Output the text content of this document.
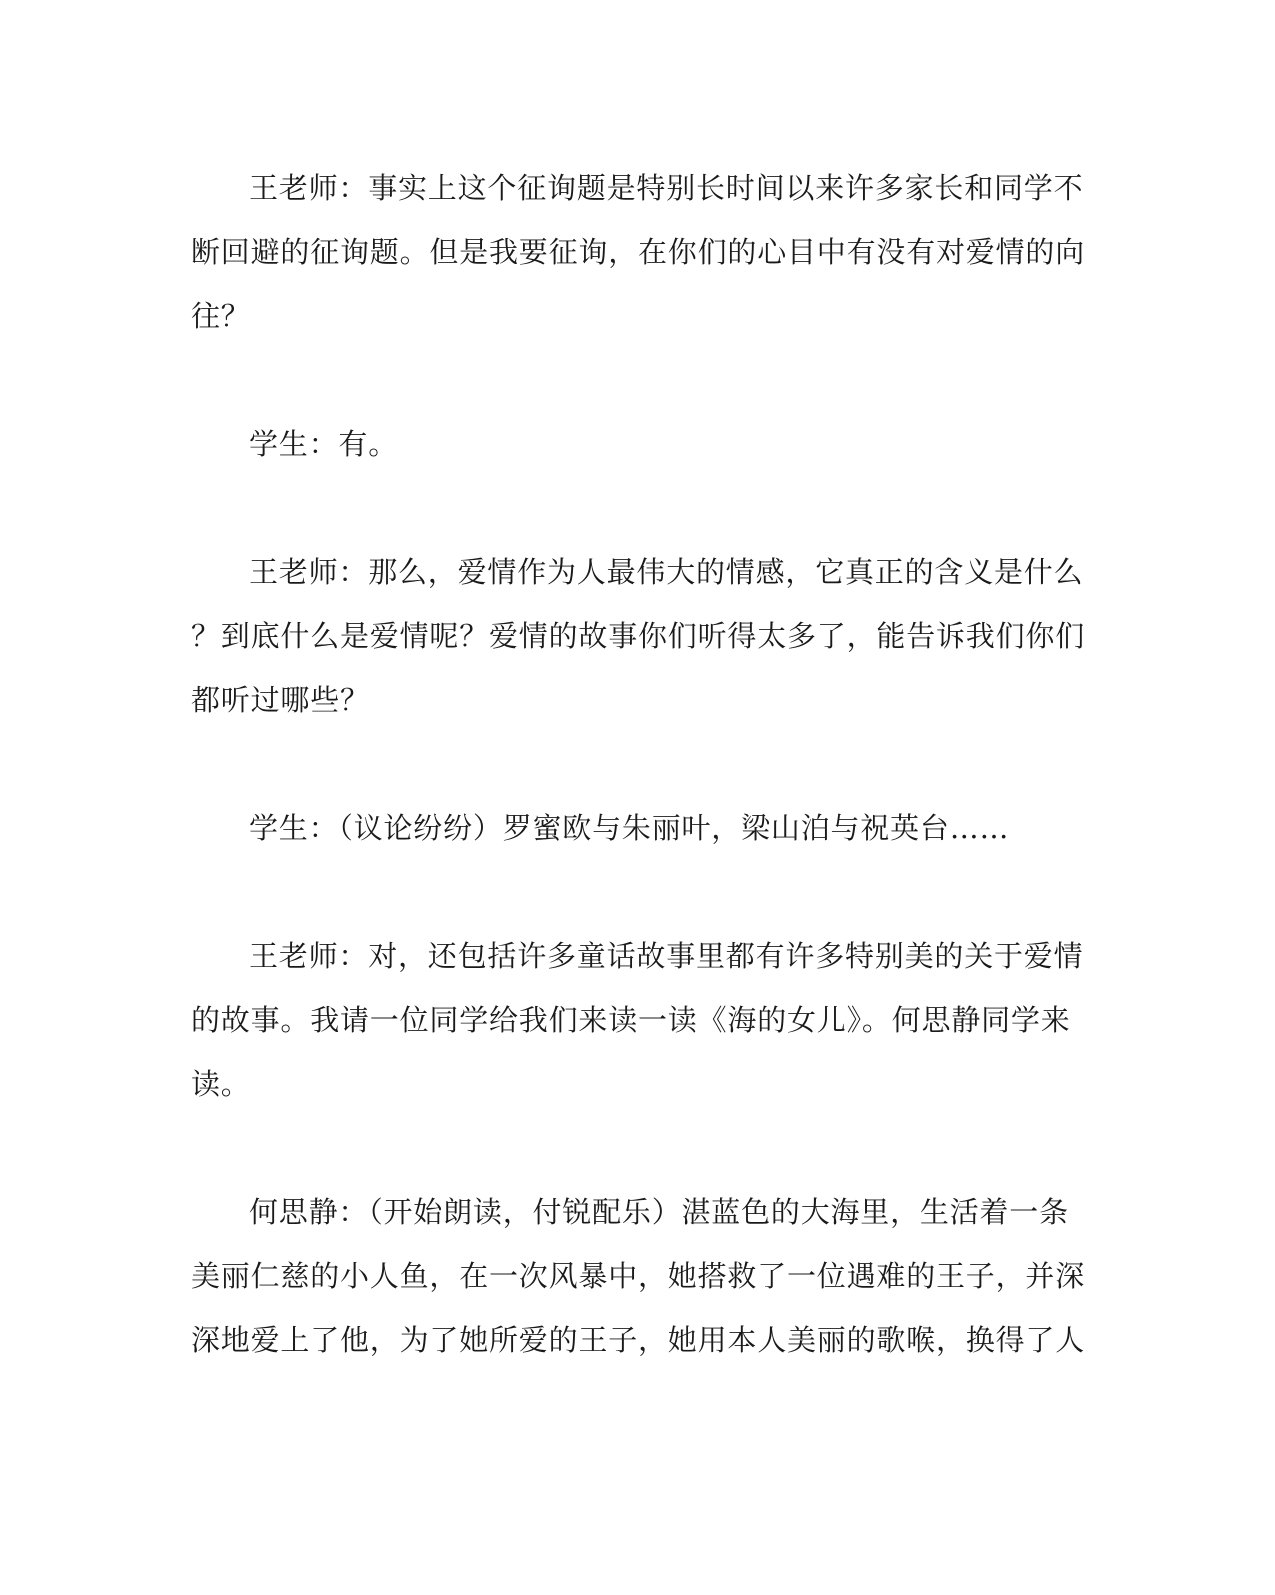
王老师：事实上这个征询题是特别长时间以来许多家长和同学不
断回避的征询题。但是我要征询，在你们的心目中有没有对爱情的向
往？
学生：有。
王老师：那么，爱情作为人最伟大的情感，它真正的含义是什么
？到底什么是爱情呢？爱情的故事你们听得太多了，能告诉我们你们
都听过哪些？
学生：（议论纷纷）罗蜜欧与朱丽叶，梁山泊与祝英台……
王老师：对，还包括许多童话故事里都有许多特别美的关于爱情
的故事。我请一位同学给我们来读一读《海的女儿》。何思静同学来
读。
何思静：（开始朗读，付锐配乐）湛蓝色的大海里，生活着一条
美丽仁慈的小人鱼，在一次风暴中，她搭救了一位遇难的王子，并深
深地爱上了他，为了她所爱的王子，她用本人美丽的歌喉，换得了人
